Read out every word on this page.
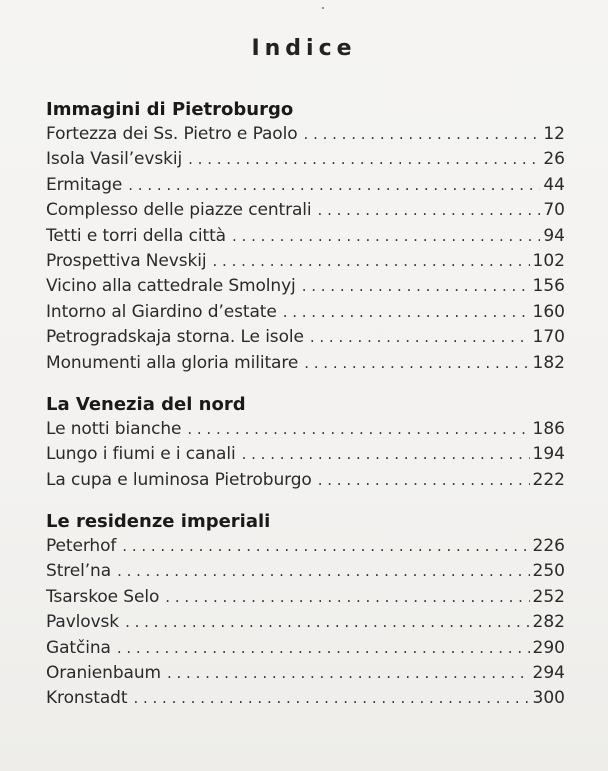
Indice
Immagini di Pietroburgo
Fortezza dei Ss. Pietro e Paolo . . .	12
Isola Vasil’evskij . . .	26
Ermitage . . .	44
Complesso delle piazze centrali . . .	70
Tetti e torri della città . . .	94
Prospettiva Nevskij . . .	102
Vicino alla cattedrale Smolnyj . . .	156
Intorno al Giardino d’estate . . .	160
Petrogradskaja storna. Le isole . . .	170
Monumenti alla gloria militare . . .	182
La Venezia del nord
Le notti bianche . . .	186
Lungo i fiumi e i canali . . .	194
La cupa e luminosa Pietroburgo . . .	222
Le residenze imperiali
Peterhof . . .	226
Strel’na . . .	250
Tsarskoe Selo . . .	252
Pavlovsk . . .	282
Gatčina . . .	290
Oranienbaum . . .	294
Kronstadt . . .	300
